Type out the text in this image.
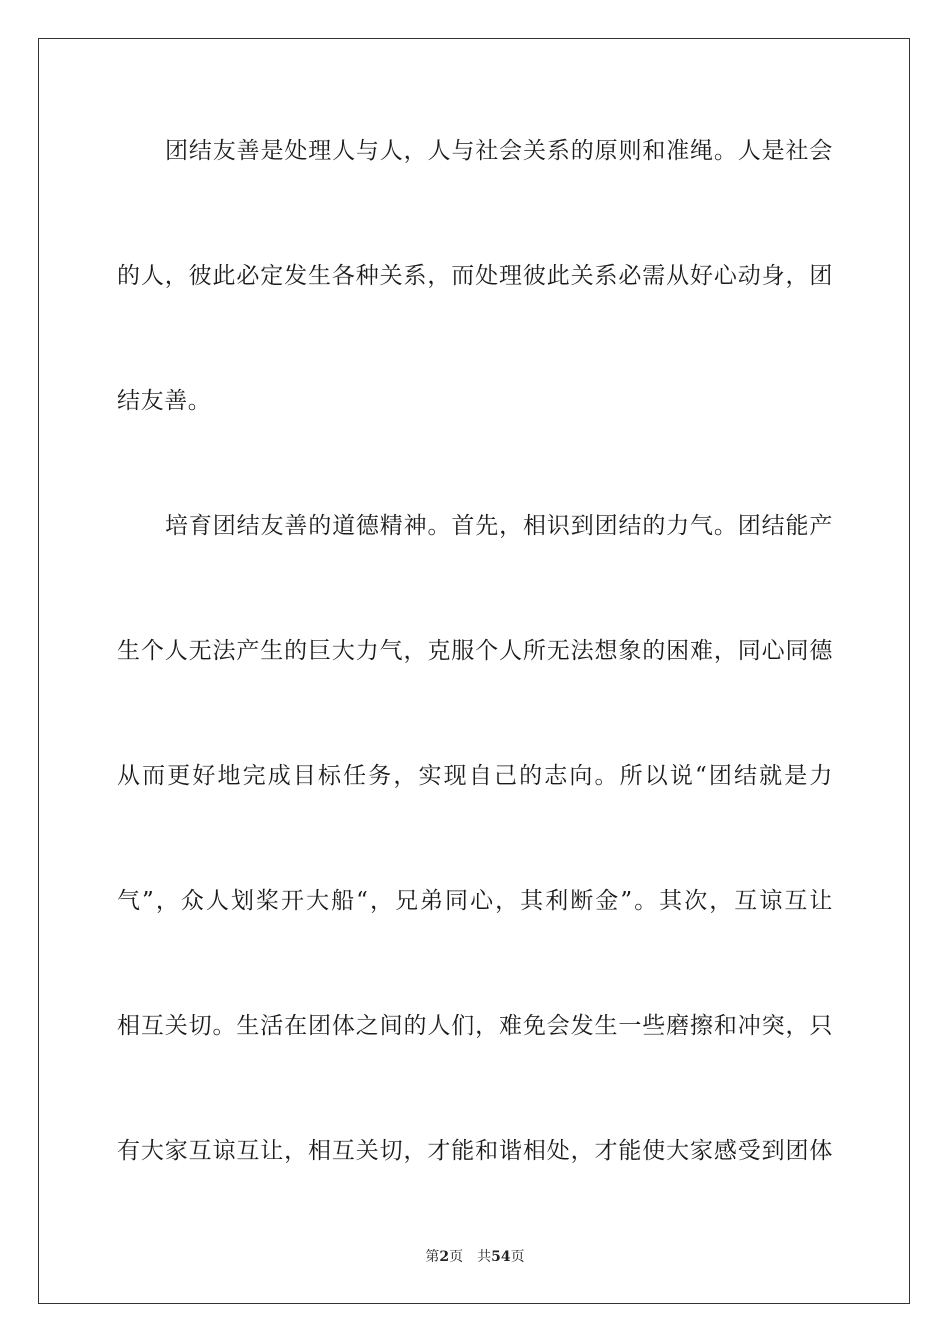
团结友善是处理人与人，人与社会关系的原则和准绳。人是社会
的人，彼此必定发生各种关系，而处理彼此关系必需从好心动身，团
结友善。
培育团结友善的道德精神。首先，相识到团结的力气。团结能产
生个人无法产生的巨大力气，克服个人所无法想象的困难，同心同德
从而更好地完成目标任务，实现自己的志向。所以说“团结就是力
气”，众人划桨开大船“，兄弟同心，其利断金”。其次，互谅互让
相互关切。生活在团体之间的人们，难免会发生一些磨擦和冲突，只
有大家互谅互让，相互关切，才能和谐相处，才能使大家感受到团体
第2页 共54页
